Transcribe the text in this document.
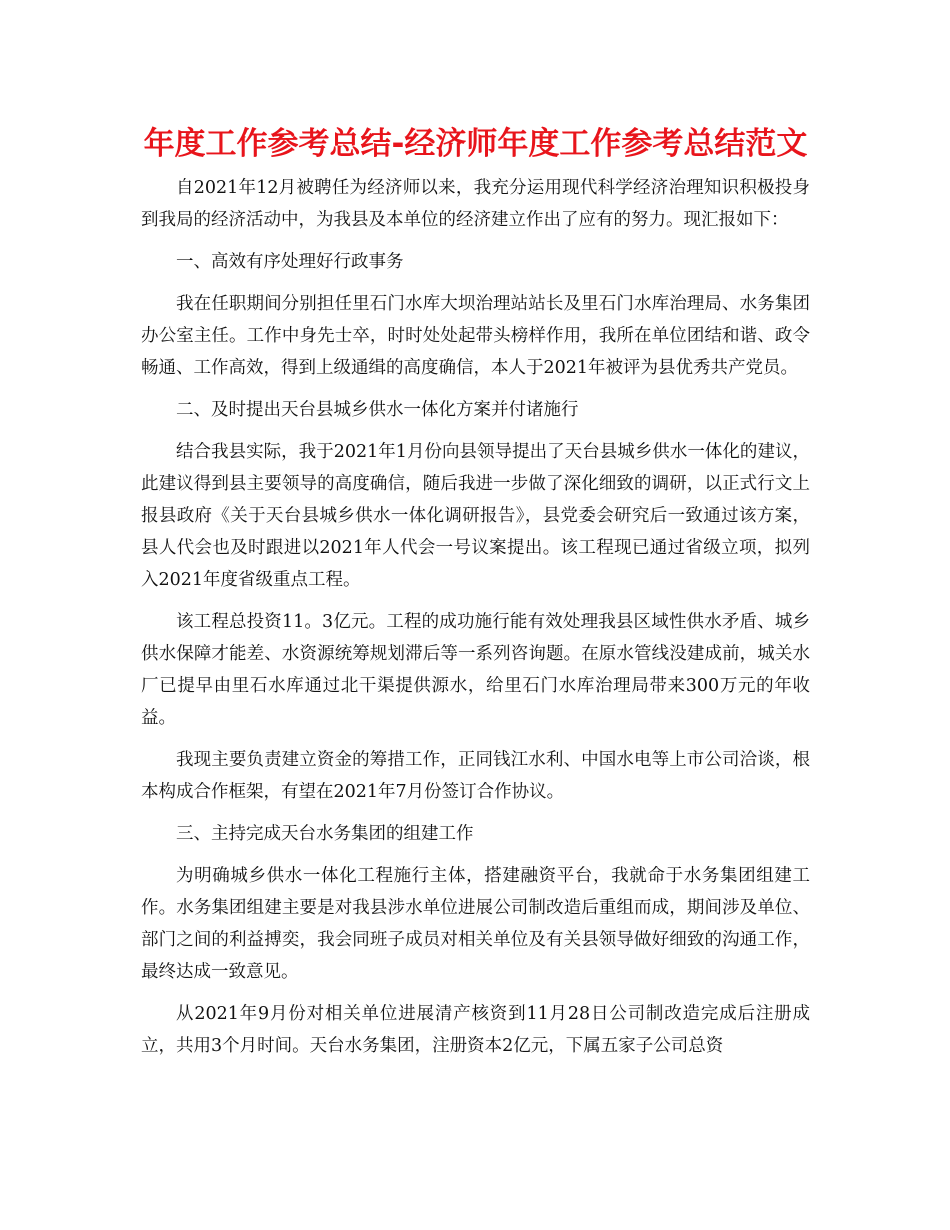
年度工作参考总结-经济师年度工作参考总结范文

自2021年12月被聘任为经济师以来，我充分运用现代科学经济治理知识积极投身到我局的经济活动中，为我县及本单位的经济建立作出了应有的努力。现汇报如下：

一、高效有序处理好行政事务

我在任职期间分别担任里石门水库大坝治理站站长及里石门水库治理局、水务集团办公室主任。工作中身先士卒，时时处处起带头榜样作用，我所在单位团结和谐、政令畅通、工作高效，得到上级通缉的高度确信，本人于2021年被评为县优秀共产党员。

二、及时提出天台县城乡供水一体化方案并付诸施行

结合我县实际，我于2021年1月份向县领导提出了天台县城乡供水一体化的建议，此建议得到县主要领导的高度确信，随后我进一步做了深化细致的调研，以正式行文上报县政府《关于天台县城乡供水一体化调研报告》，县党委会研究后一致通过该方案，县人代会也及时跟进以2021年人代会一号议案提出。该工程现已通过省级立项，拟列入2021年度省级重点工程。

该工程总投资11。3亿元。工程的成功施行能有效处理我县区域性供水矛盾、城乡供水保障才能差、水资源统筹规划滞后等一系列咨询题。在原水管线没建成前，城关水厂已提早由里石水库通过北干渠提供源水，给里石门水库治理局带来300万元的年收益。

我现主要负责建立资金的筹措工作，正同钱江水利、中国水电等上市公司洽谈，根本构成合作框架，有望在2021年7月份签订合作协议。

三、主持完成天台水务集团的组建工作

为明确城乡供水一体化工程施行主体，搭建融资平台，我就命于水务集团组建工作。水务集团组建主要是对我县涉水单位进展公司制改造后重组而成，期间涉及单位、部门之间的利益搏奕，我会同班子成员对相关单位及有关县领导做好细致的沟通工作，最终达成一致意见。

从2021年9月份对相关单位进展清产核资到11月28日公司制改造完成后注册成立，共用3个月时间。天台水务集团，注册资本2亿元，下属五家子公司总资
